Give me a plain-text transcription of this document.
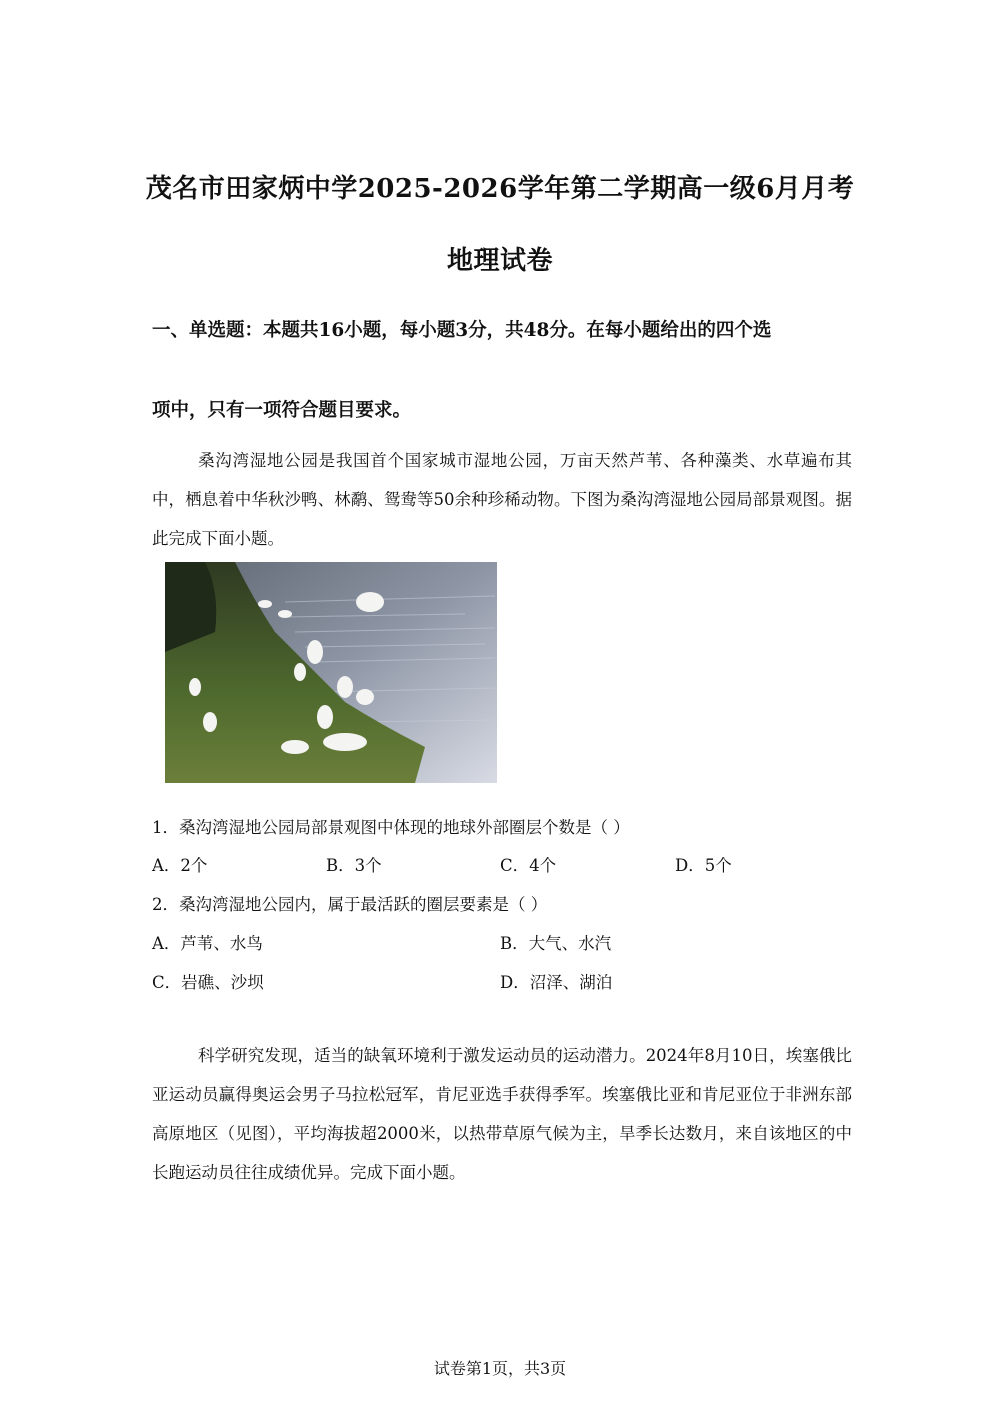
茂名市田家炳中学2025-2026学年第二学期高一级6月月考
地理试卷
一、单选题：本题共16小题，每小题3分，共48分。在每小题给出的四个选
项中，只有一项符合题目要求。
桑沟湾湿地公园是我国首个国家城市湿地公园，万亩天然芦苇、各种藻类、水草遍布其中，栖息着中华秋沙鸭、林鹬、鸳鸯等50余种珍稀动物。下图为桑沟湾湿地公园局部景观图。据此完成下面小题。
1．桑沟湾湿地公园局部景观图中体现的地球外部圈层个数是（ ）
A．2个	B．3个	C．4个	D．5个
2．桑沟湾湿地公园内，属于最活跃的圈层要素是（ ）
A．芦苇、水鸟	B．大气、水汽
C．岩礁、沙坝	D．沼泽、湖泊
科学研究发现，适当的缺氧环境利于激发运动员的运动潜力。2024年8月10日，埃塞俄比亚运动员赢得奥运会男子马拉松冠军，肯尼亚选手获得季军。埃塞俄比亚和肯尼亚位于非洲东部高原地区（见图），平均海拔超2000米，以热带草原气候为主，旱季长达数月，来自该地区的中长跑运动员往往成绩优异。完成下面小题。
试卷第1页，共3页
